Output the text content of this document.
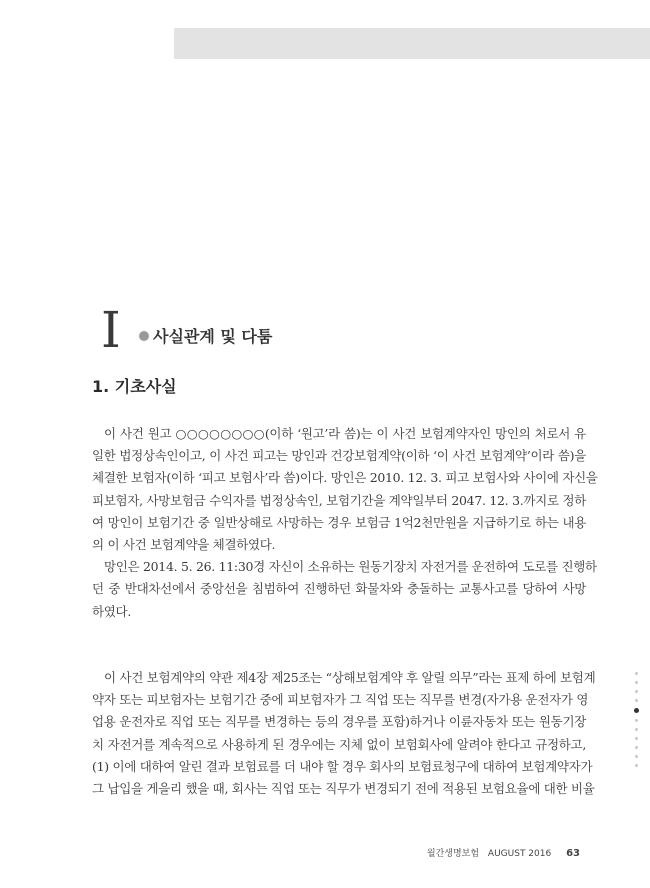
I 사실관계 및 다툼
1. 기초사실

이 사건 원고 ○○○○○○○○(이하 ‘원고’라 씀)는 이 사건 보험계약자인 망인의 처로서 유
일한 법정상속인이고, 이 사건 피고는 망인과 건강보험계약(이하 ‘이 사건 보험계약’이라 씀)을
체결한 보험자(이하 ‘피고 보험사’라 씀)이다. 망인은 2010. 12. 3. 피고 보험사와 사이에 자신을
피보험자, 사망보험금 수익자를 법정상속인, 보험기간을 계약일부터 2047. 12. 3.까지로 정하
여 망인이 보험기간 중 일반상해로 사망하는 경우 보험금 1억2천만원을 지급하기로 하는 내용
의 이 사건 보험계약을 체결하였다.

망인은 2014. 5. 26. 11:30경 자신이 소유하는 원동기장치 자전거를 운전하여 도로를 진행하
던 중 반대차선에서 중앙선을 침범하여 진행하던 화물차와 충돌하는 교통사고를 당하여 사망
하였다.

이 사건 보험계약의 약관 제4장 제25조는 “상해보험계약 후 알릴 의무”라는 표제 하에 보험계
약자 또는 피보험자는 보험기간 중에 피보험자가 그 직업 또는 직무를 변경(자가용 운전자가 영
업용 운전자로 직업 또는 직무를 변경하는 등의 경우를 포함)하거나 이륜자동차 또는 원동기장
치 자전거를 계속적으로 사용하게 된 경우에는 지체 없이 보험회사에 알려야 한다고 규정하고,
(1) 이에 대하여 알린 결과 보험료를 더 내야 할 경우 회사의 보험료청구에 대하여 보험계약자가
그 납입을 게을리 했을 때, 회사는 직업 또는 직무가 변경되기 전에 적용된 보험요율에 대한 비율

월간생명보험 AUGUST 2016 63
